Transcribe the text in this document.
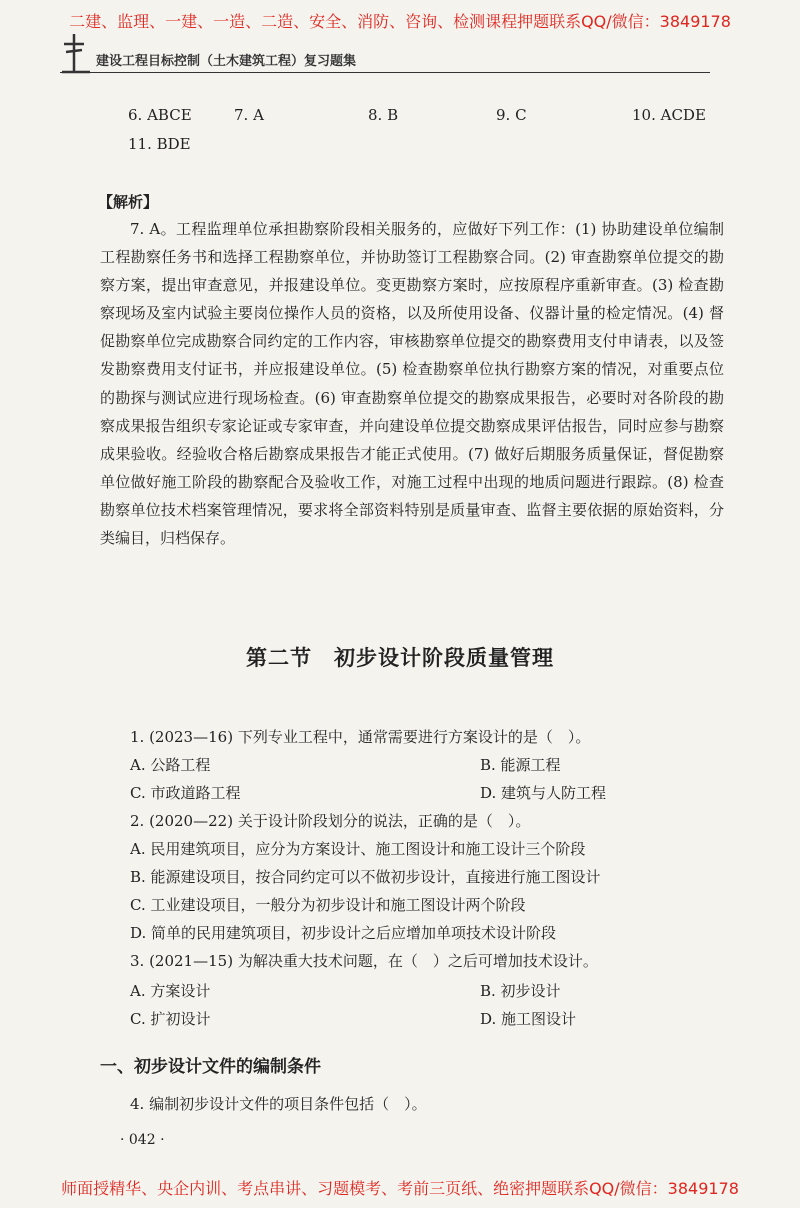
二建、监理、一建、一造、二造、安全、消防、咨询、检测课程押题联系QQ/微信：3849178
建设工程目标控制（土木建筑工程）复习题集
6. ABCE	7. A	8. B	9. C	10. ACDE
11. BDE
【解析】

7. A。工程监理单位承担勘察阶段相关服务的，应做好下列工作：(1) 协助建设单位编制工程勘察任务书和选择工程勘察单位，并协助签订工程勘察合同。(2) 审查勘察单位提交的勘察方案，提出审查意见，并报建设单位。变更勘察方案时，应按原程序重新审查。(3) 检查勘察现场及室内试验主要岗位操作人员的资格，以及所使用设备、仪器计量的检定情况。(4) 督促勘察单位完成勘察合同约定的工作内容，审核勘察单位提交的勘察费用支付申请表，以及签发勘察费用支付证书，并应报建设单位。(5) 检查勘察单位执行勘察方案的情况，对重要点位的勘探与测试应进行现场检查。(6) 审查勘察单位提交的勘察成果报告，必要时对各阶段的勘察成果报告组织专家论证或专家审查，并向建设单位提交勘察成果评估报告，同时应参与勘察成果验收。经验收合格后勘察成果报告才能正式使用。(7) 做好后期服务质量保证，督促勘察单位做好施工阶段的勘察配合及验收工作，对施工过程中出现的地质问题进行跟踪。(8) 检查勘察单位技术档案管理情况，要求将全部资料特别是质量审查、监督主要依据的原始资料，分类编目，归档保存。

第二节　初步设计阶段质量管理
1. (2023—16) 下列专业工程中，通常需要进行方案设计的是（　）。
A. 公路工程	B. 能源工程
C. 市政道路工程	D. 建筑与人防工程
2. (2020—22) 关于设计阶段划分的说法，正确的是（　）。
A. 民用建筑项目，应分为方案设计、施工图设计和施工设计三个阶段
B. 能源建设项目，按合同约定可以不做初步设计，直接进行施工图设计
C. 工业建设项目，一般分为初步设计和施工图设计两个阶段
D. 简单的民用建筑项目，初步设计之后应增加单项技术设计阶段
3. (2021—15) 为解决重大技术问题，在（　）之后可增加技术设计。
A. 方案设计	B. 初步设计
C. 扩初设计	D. 施工图设计
一、初步设计文件的编制条件
4. 编制初步设计文件的项目条件包括（　）。
· 042 ·
师面授精华、央企内训、考点串讲、习题模考、考前三页纸、绝密押题联系QQ/微信：3849178
